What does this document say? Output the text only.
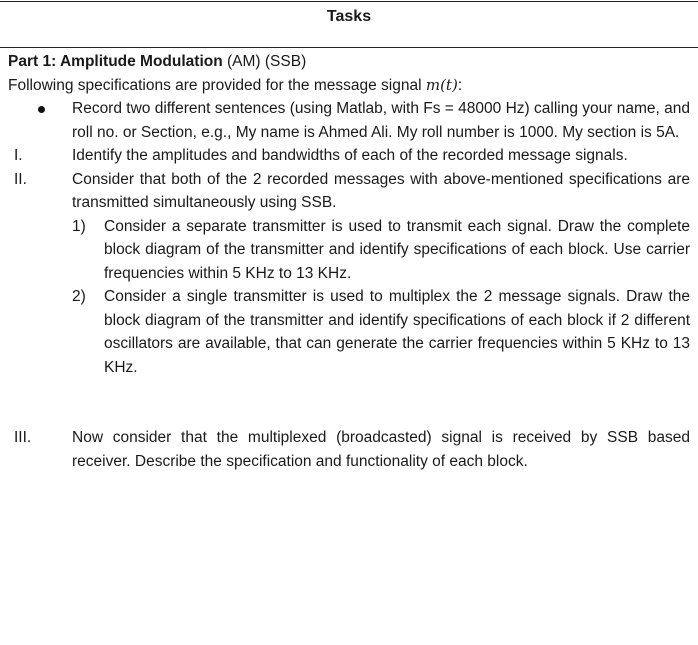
Tasks

Part 1: Amplitude Modulation (AM) (SSB)

Following specifications are provided for the message signal m(t):

Record two different sentences (using Matlab, with Fs = 48000 Hz) calling your name, and roll no. or Section, e.g., My name is Ahmed Ali. My roll number is 1000. My section is 5A.
I.	Identify the amplitudes and bandwidths of each of the recorded message signals.
II.	Consider that both of the 2 recorded messages with above-mentioned specifications are transmitted simultaneously using SSB.
1) Consider a separate transmitter is used to transmit each signal. Draw the complete block diagram of the transmitter and identify specifications of each block. Use carrier frequencies within 5 KHz to 13 KHz.
2) Consider a single transmitter is used to multiplex the 2 message signals. Draw the block diagram of the transmitter and identify specifications of each block if 2 different oscillators are available, that can generate the carrier frequencies within 5 KHz to 13 KHz.
III.	Now consider that the multiplexed (broadcasted) signal is received by SSB based receiver. Describe the specification and functionality of each block.
